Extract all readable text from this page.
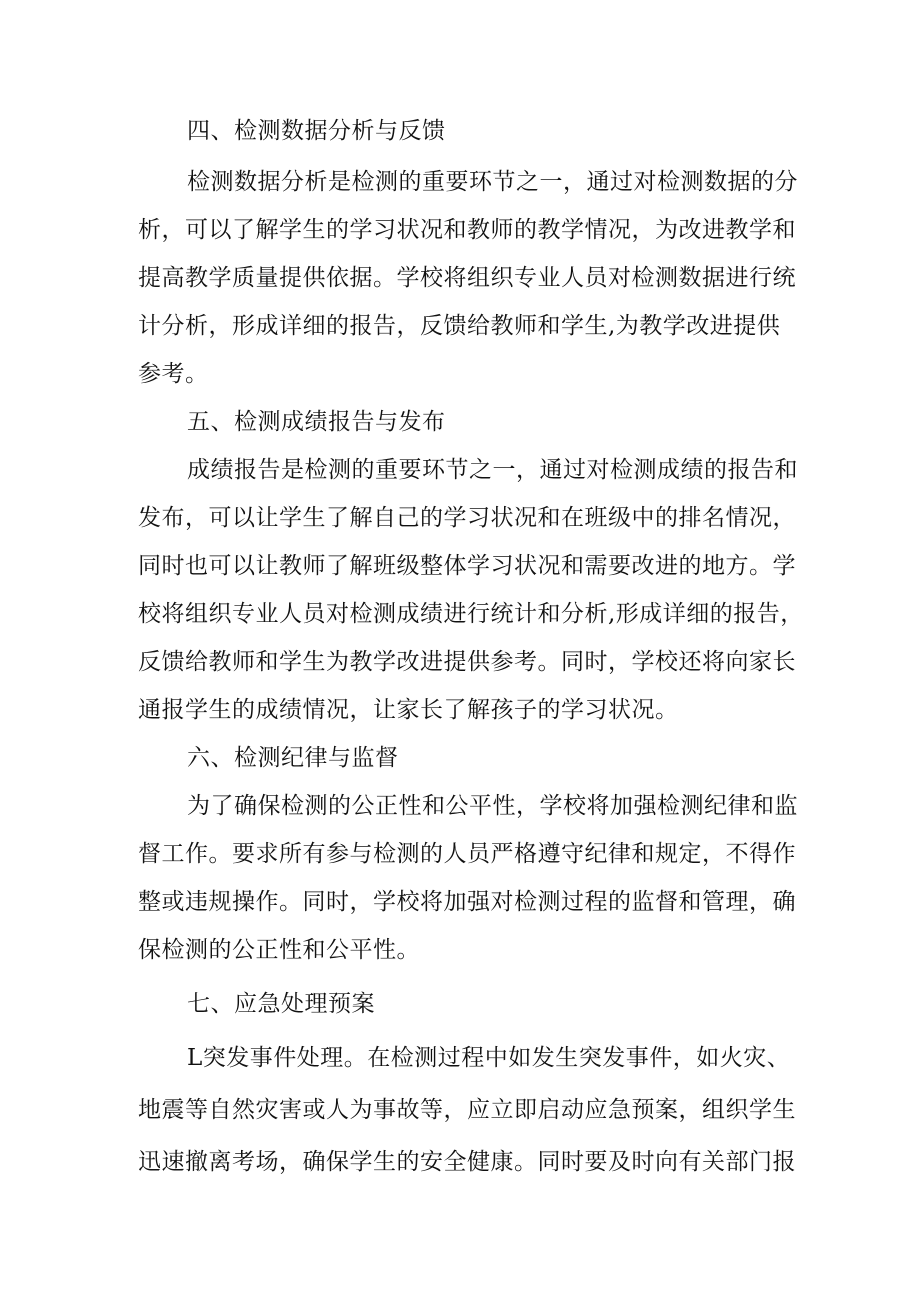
四、检测数据分析与反馈
检测数据分析是检测的重要环节之一，通过对检测数据的分
析，可以了解学生的学习状况和教师的教学情况，为改进教学和
提高教学质量提供依据。学校将组织专业人员对检测数据进行统
计分析，形成详细的报告，反馈给教师和学生,为教学改进提供
参考。
五、检测成绩报告与发布
成绩报告是检测的重要环节之一，通过对检测成绩的报告和
发布，可以让学生了解自己的学习状况和在班级中的排名情况，
同时也可以让教师了解班级整体学习状况和需要改进的地方。学
校将组织专业人员对检测成绩进行统计和分析,形成详细的报告，
反馈给教师和学生为教学改进提供参考。同时，学校还将向家长
通报学生的成绩情况，让家长了解孩子的学习状况。
六、检测纪律与监督
为了确保检测的公正性和公平性，学校将加强检测纪律和监
督工作。要求所有参与检测的人员严格遵守纪律和规定，不得作
整或违规操作。同时，学校将加强对检测过程的监督和管理，确
保检测的公正性和公平性。
七、应急处理预案
L突发事件处理。在检测过程中如发生突发事件，如火灾、
地震等自然灾害或人为事故等，应立即启动应急预案，组织学生
迅速撤离考场，确保学生的安全健康。同时要及时向有关部门报
